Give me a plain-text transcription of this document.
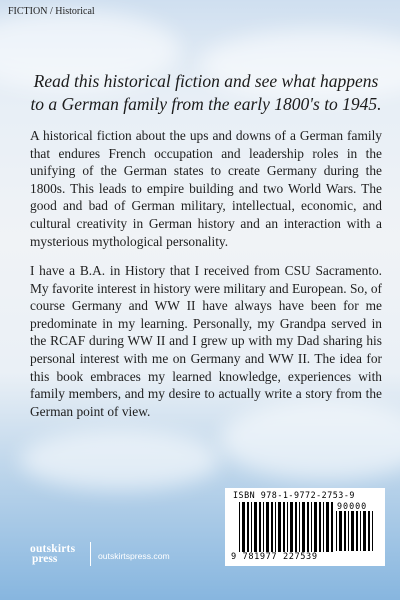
FICTION / Historical

Read this historical fiction and see what happens to a German family from the early 1800's to 1945.

A historical fiction about the ups and downs of a German family that endures French occupation and leadership roles in the unifying of the German states to create Germany during the 1800s. This leads to empire building and two World Wars. The good and bad of German military, intellectual, economic, and cultural creativity in German history and an interaction with a mysterious mythological personality.

I have a B.A. in History that I received from CSU Sacramento. My favorite interest in history were military and European. So, of course Germany and WW II have always have been for me predominate in my learning. Personally, my Grandpa served in the RCAF during WW II and I grew up with my Dad sharing his personal interest with me on Germany and WW II. The idea for this book embraces my learned knowledge, experiences with family members, and my desire to actually write a story from the German point of view.

ISBN 978-1-9772-2753-9
90000
9 781977 227539
outskirts
press	outskirtspress.com
